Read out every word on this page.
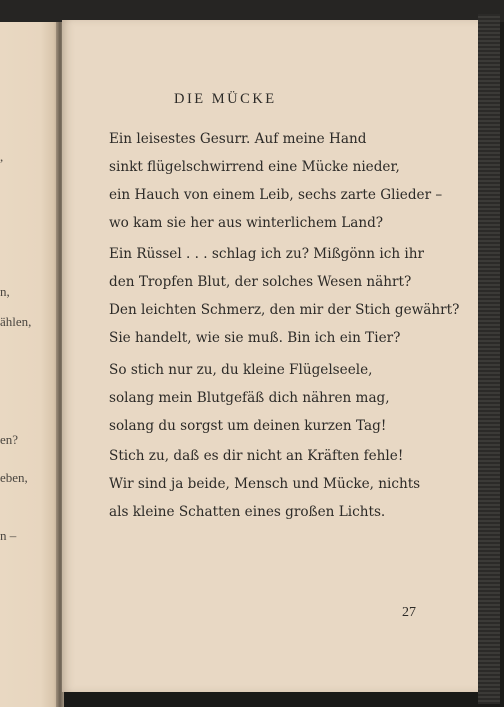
,
n,
ählen,
en?
eben,
n –
DIE MÜCKE
Ein leisestes Gesurr. Auf meine Hand
sinkt flügelschwirrend eine Mücke nieder,
ein Hauch von einem Leib, sechs zarte Glieder –
wo kam sie her aus winterlichem Land?
Ein Rüssel . . . schlag ich zu? Mißgönn ich ihr
den Tropfen Blut, der solches Wesen nährt?
Den leichten Schmerz, den mir der Stich gewährt?
Sie handelt, wie sie muß. Bin ich ein Tier?
So stich nur zu, du kleine Flügelseele,
solang mein Blutgefäß dich nähren mag,
solang du sorgst um deinen kurzen Tag!
Stich zu, daß es dir nicht an Kräften fehle!
Wir sind ja beide, Mensch und Mücke, nichts
als kleine Schatten eines großen Lichts.
27
